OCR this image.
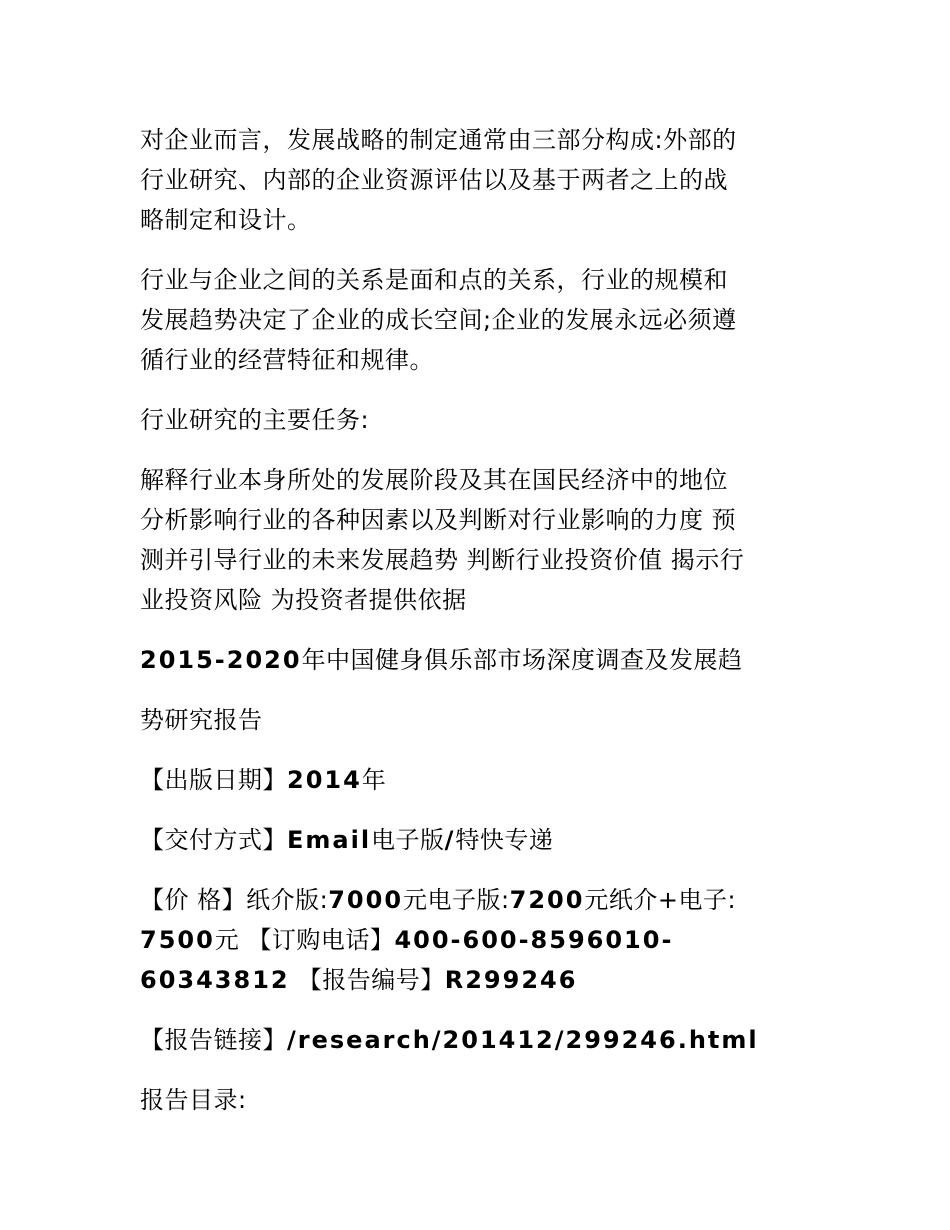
对企业而言，发展战略的制定通常由三部分构成:外部的
行业研究、内部的企业资源评估以及基于两者之上的战
略制定和设计。
行业与企业之间的关系是面和点的关系，行业的规模和
发展趋势决定了企业的成长空间;企业的发展永远必须遵
循行业的经营特征和规律。
行业研究的主要任务:
解释行业本身所处的发展阶段及其在国民经济中的地位
分析影响行业的各种因素以及判断对行业影响的力度 预
测并引导行业的未来发展趋势 判断行业投资价值 揭示行
业投资风险 为投资者提供依据
2015-2020年中国健身俱乐部市场深度调查及发展趋
势研究报告
【出版日期】2014年
【交付方式】Email电子版/特快专递
【价 格】纸介版:7000元电子版:7200元纸介+电子:
7500元 【订购电话】400-600-8596010-
60343812 【报告编号】R299246
【报告链接】/research/201412/299246.html
报告目录:
